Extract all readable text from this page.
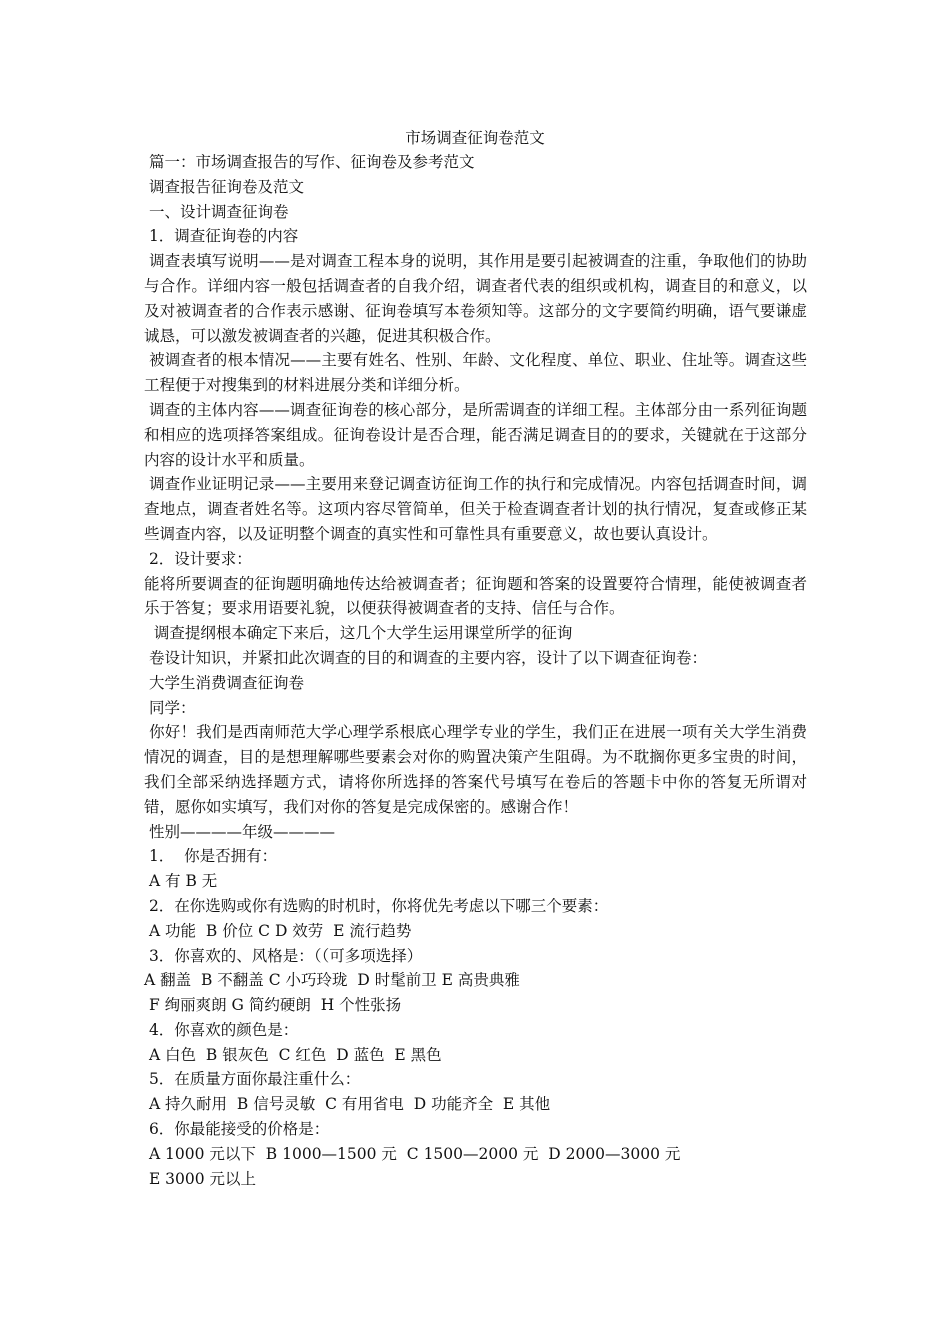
市场调查征询卷范文

篇一：市场调查报告的写作、征询卷及参考范文

调查报告征询卷及范文

一、设计调查征询卷

1．调查征询卷的内容

调查表填写说明——是对调查工程本身的说明，其作用是要引起被调查的注重，争取他们的协助与合作。详细内容一般包括调查者的自我介绍，调查者代表的组织或机构，调查目的和意义，以及对被调查者的合作表示感谢、征询卷填写本卷须知等。这部分的文字要简约明确，语气要谦虚诚恳，可以激发被调查者的兴趣，促进其积极合作。

被调查者的根本情况——主要有姓名、性别、年龄、文化程度、单位、职业、住址等。调查这些工程便于对搜集到的材料进展分类和详细分析。

调查的主体内容——调查征询卷的核心部分，是所需调查的详细工程。主体部分由一系列征询题和相应的选项择答案组成。征询卷设计是否合理，能否满足调查目的的要求，关键就在于这部分内容的设计水平和质量。

调查作业证明记录——主要用来登记调查访征询工作的执行和完成情况。内容包括调查时间，调查地点，调查者姓名等。这项内容尽管简单，但关于检查调查者计划的执行情况，复查或修正某些调查内容，以及证明整个调查的真实性和可靠性具有重要意义，故也要认真设计。

2．设计要求：

能将所要调查的征询题明确地传达给被调查者；征询题和答案的设置要符合情理，能使被调查者乐于答复；要求用语要礼貌，以便获得被调查者的支持、信任与合作。

调查提纲根本确定下来后，这几个大学生运用课堂所学的征询

卷设计知识，并紧扣此次调查的目的和调查的主要内容，设计了以下调查征询卷：

大学生消费调查征询卷

同学：

你好！我们是西南师范大学心理学系根底心理学专业的学生，我们正在进展一项有关大学生消费情况的调查，目的是想理解哪些要素会对你的购置决策产生阻碍。为不耽搁你更多宝贵的时间，我们全部采纳选择题方式，请将你所选择的答案代号填写在卷后的答题卡中你的答复无所谓对错，愿你如实填写，我们对你的答复是完成保密的。感谢合作！

性别————年级————

1．  你是否拥有：

A 有 B 无

2．在你选购或你有选购的时机时，你将优先考虑以下哪三个要素：

A 功能  B 价位 C D 效劳  E 流行趋势

3．你喜欢的、风格是：（（可多项选择）

A 翻盖  B 不翻盖 C 小巧玲珑  D 时髦前卫 E 高贵典雅

F 绚丽爽朗 G 简约硬朗  H 个性张扬

4．你喜欢的颜色是：

A 白色  B 银灰色  C 红色  D 蓝色  E 黑色

5．在质量方面你最注重什么：

A 持久耐用  B 信号灵敏  C 有用省电  D 功能齐全  E 其他

6．你最能接受的价格是：

A 1000 元以下  B 1000—1500 元  C 1500—2000 元  D 2000—3000 元

E 3000 元以上
